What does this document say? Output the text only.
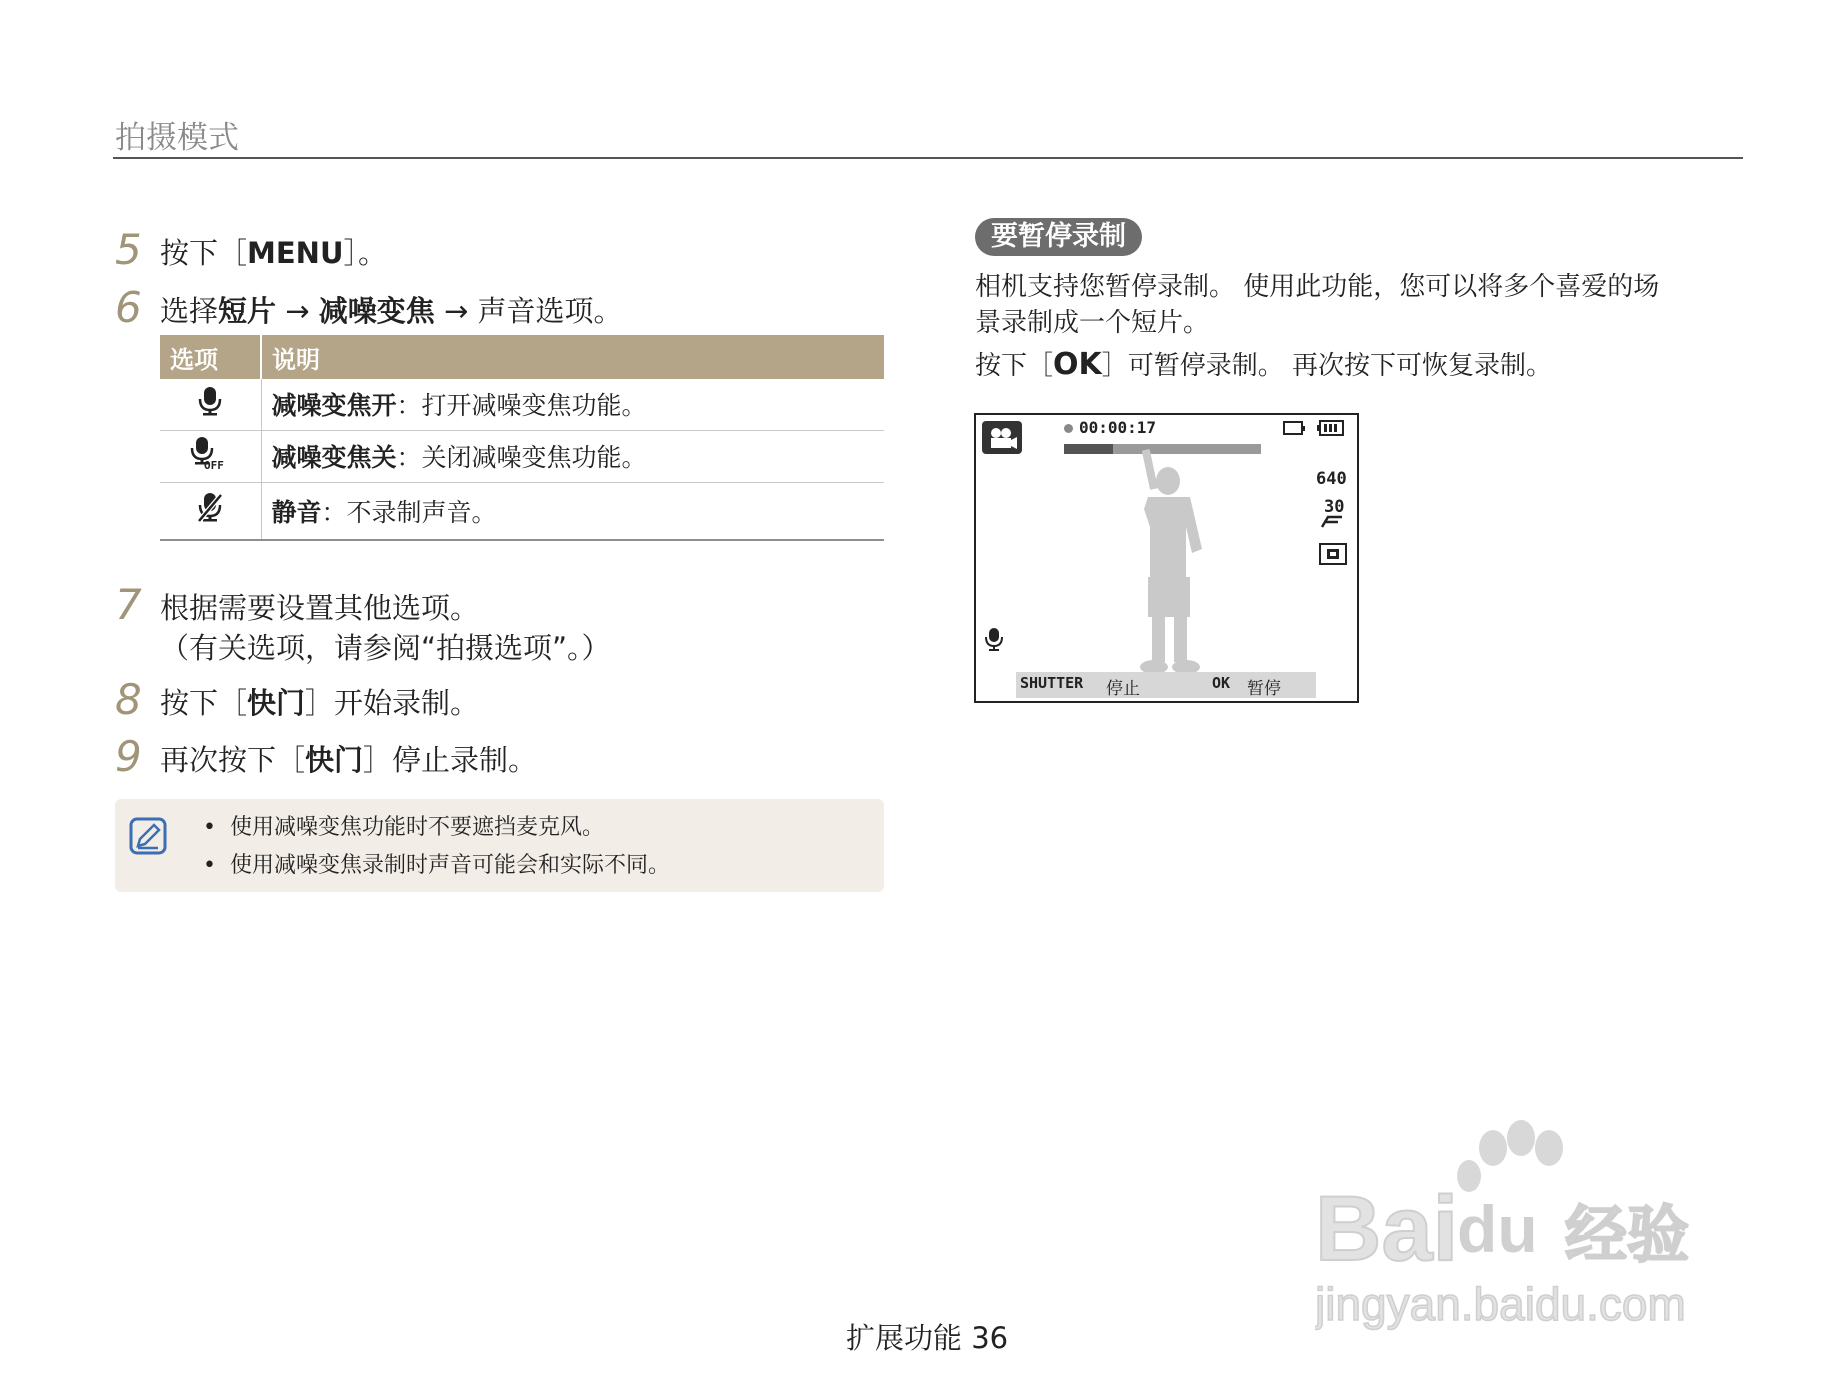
拍摄模式
5 按下［MENU］。
6 选择短片 → 减噪变焦 → 声音选项。
选项	说明
	减噪变焦开：打开减噪变焦功能。

OFF	减噪变焦关：关闭减噪变焦功能。
	静音：不录制声音。
7 根据需要设置其他选项。
（有关选项，请参阅“拍摄选项”。）
8 按下［快门］开始录制。
9 再次按下［快门］停止录制。
• 使用减噪变焦功能时不要遮挡麦克风。
• 使用减噪变焦录制时声音可能会和实际不同。
要暂停录制
相机支持您暂停录制。 使用此功能，您可以将多个喜爱的场
景录制成一个短片。
按下［OK］可暂停录制。 再次按下可恢复录制。
00:00:17
640
30
SHUTTER 停止	OK 暂停
扩展功能 36
Bai
du 经验
jingyan.baidu.com
